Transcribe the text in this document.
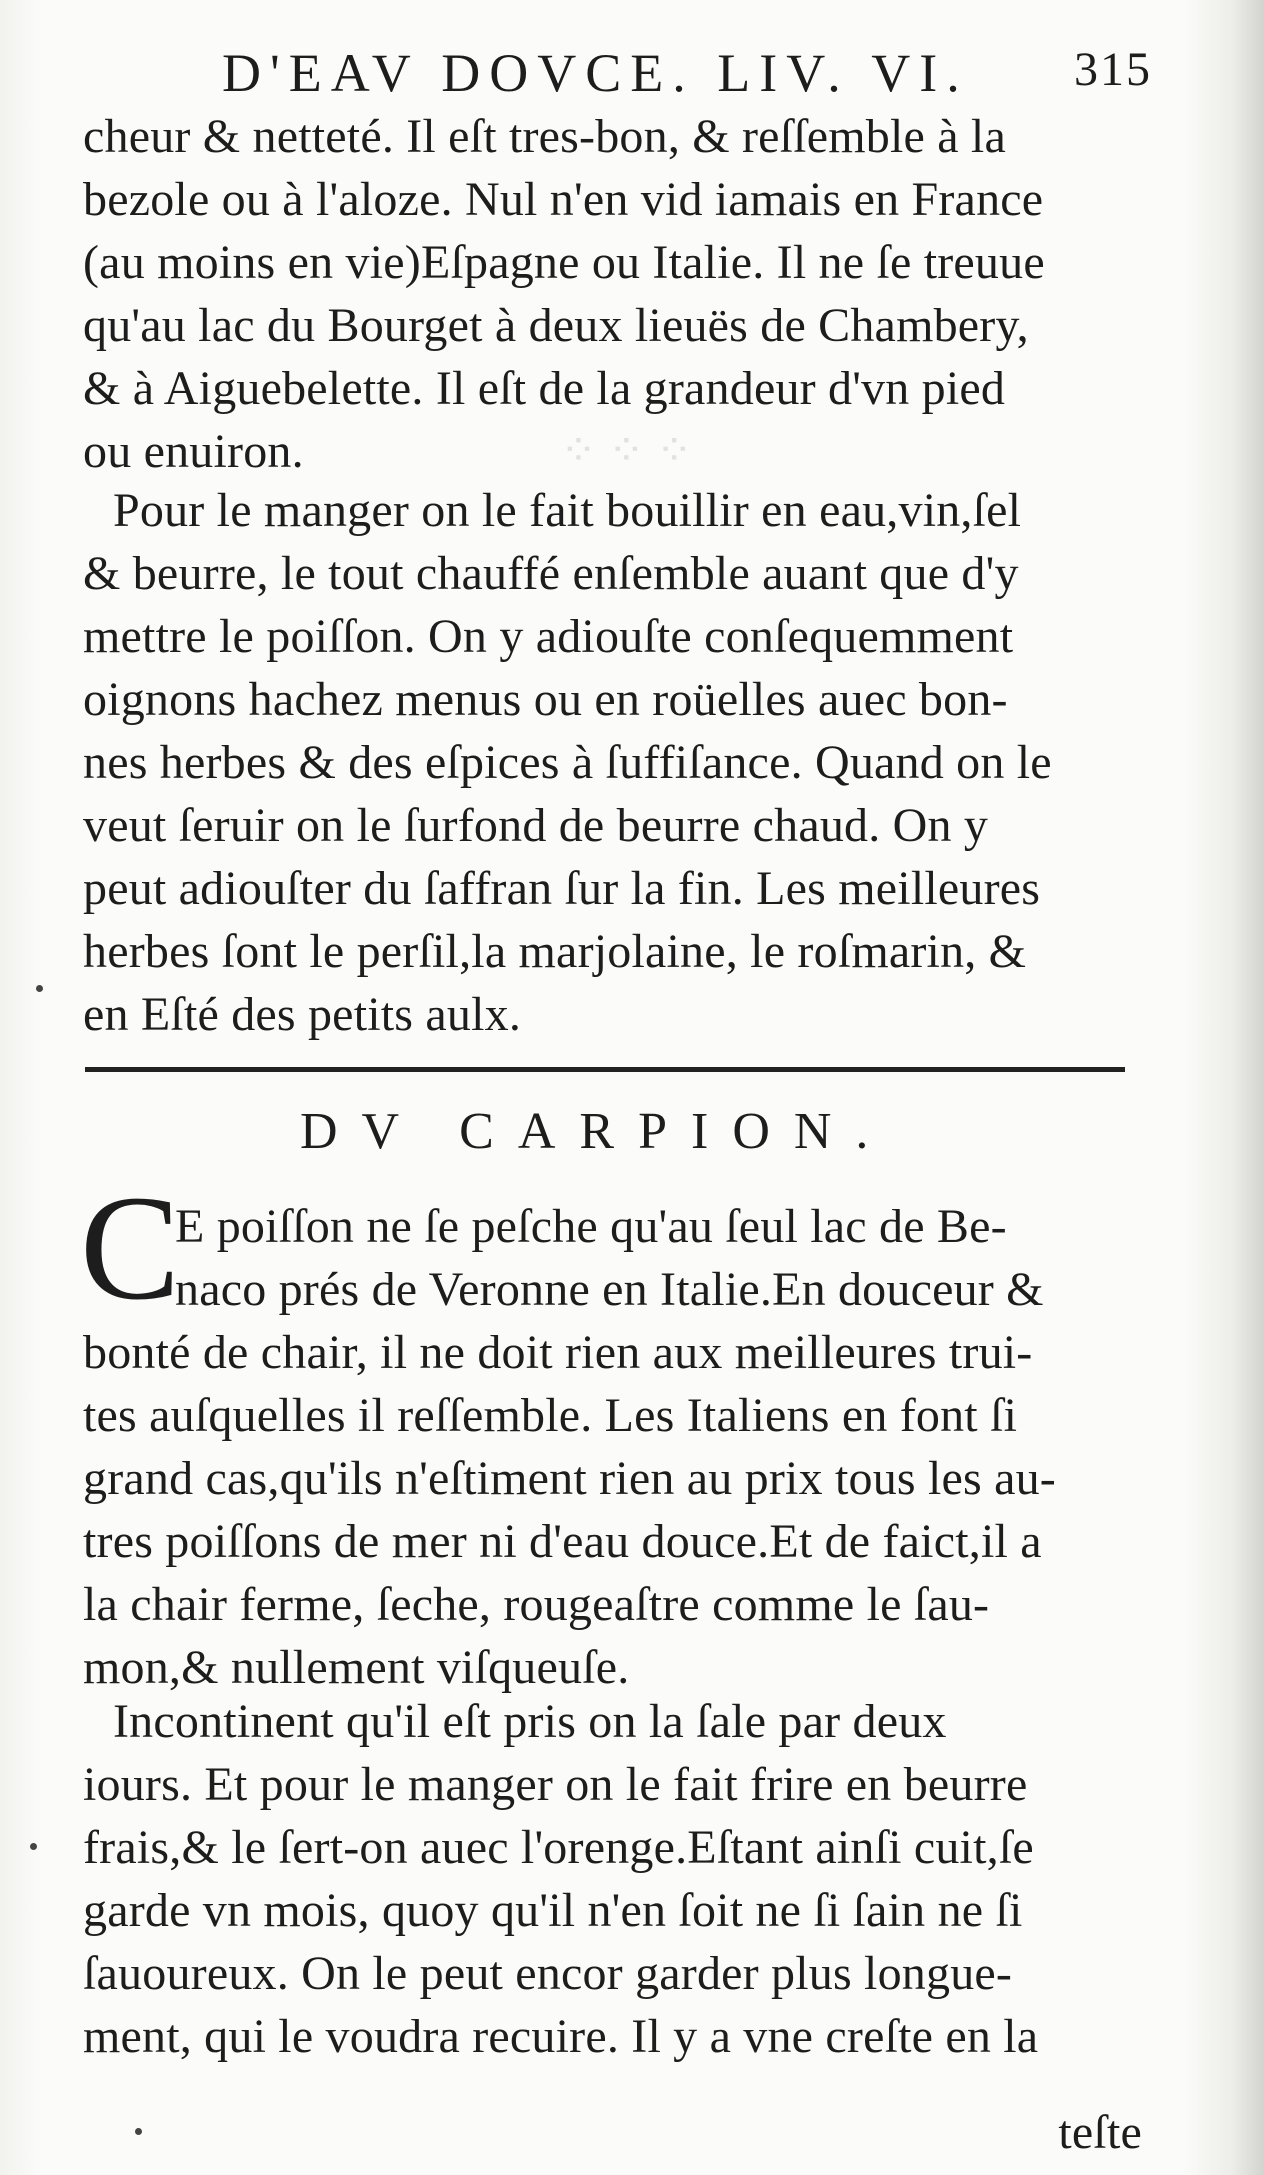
⁘ ⁘ ⁘
D'EAV DOVCE. LIV. VI. 315
cheur & netteté. Il eſt tres-bon, & reſſemble à la
bezole ou à l'aloze. Nul n'en vid iamais en France
(au moins en vie)Eſpagne ou Italie. Il ne ſe treuue
qu'au lac du Bourget à deux lieuës de Chambery,
& à Aiguebelette. Il eſt de la grandeur d'vn pied
ou enuiron.
Pour le manger on le fait bouillir en eau,vin,ſel
& beurre, le tout chauffé enſemble auant que d'y
mettre le poiſſon. On y adiouſte conſequemment
oignons hachez menus ou en roüelles auec bon-
nes herbes & des eſpices à ſuffiſance. Quand on le
veut ſeruir on le ſurfond de beurre chaud. On y
peut adiouſter du ſaffran ſur la fin. Les meilleures
herbes ſont le perſil,la marjolaine, le roſmarin, &
en Eſté des petits aulx.
DV CARPION.
C
E poiſſon ne ſe peſche qu'au ſeul lac de Be-
naco prés de Veronne en Italie.En douceur &
bonté de chair, il ne doit rien aux meilleures trui-
tes auſquelles il reſſemble. Les Italiens en font ſi
grand cas,qu'ils n'eſtiment rien au prix tous les au-
tres poiſſons de mer ni d'eau douce.Et de faict,il a
la chair ferme, ſeche, rougeaſtre comme le ſau-
mon,& nullement viſqueuſe.
Incontinent qu'il eſt pris on la ſale par deux
iours. Et pour le manger on le fait frire en beurre
frais,& le ſert-on auec l'orenge.Eſtant ainſi cuit,ſe
garde vn mois, quoy qu'il n'en ſoit ne ſi ſain ne ſi
ſauoureux. On le peut encor garder plus longue-
ment, qui le voudra recuire. Il y a vne creſte en la
teſte
